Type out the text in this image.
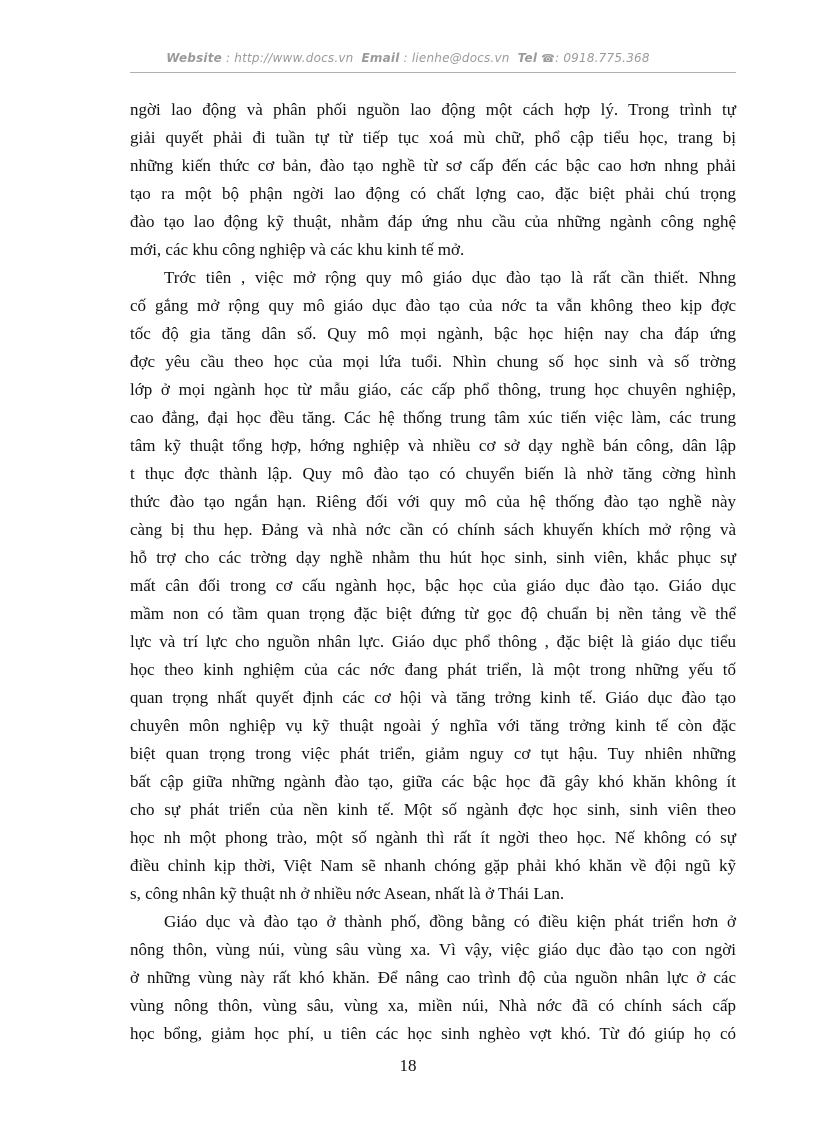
Website : http://www.docs.vn Email : lienhe@docs.vn Tel ☎: 0918.775.368
ngời lao động và phân phối nguồn lao động một cách hợp lý. Trong trình tự
giải quyết phải đi tuần tự từ tiếp tục xoá mù chữ, phổ cập tiểu học, trang bị
những kiến thức cơ bản, đào tạo nghề từ sơ cấp đến các bậc cao hơn nhng phải
tạo ra một bộ phận ngời lao động có chất lợng cao, đặc biệt phải chú trọng
đào tạo lao động kỹ thuật, nhằm đáp ứng nhu cầu của những ngành công nghệ
mới, các khu công nghiệp và các khu kinh tế mở.
Trớc tiên , việc mở rộng quy mô giáo dục đào tạo là rất cần thiết. Nhng
cố gắng mở rộng quy mô giáo dục đào tạo của nớc ta vẫn không theo kịp đợc
tốc độ gia tăng dân số. Quy mô mọi ngành, bậc học hiện nay cha đáp ứng
đợc yêu cầu theo học của mọi lứa tuổi. Nhìn chung số học sinh và số trờng
lớp ở mọi ngành học từ mẫu giáo, các cấp phổ thông, trung học chuyên nghiệp,
cao đẳng, đại học đều tăng. Các hệ thống trung tâm xúc tiến việc làm, các trung
tâm kỹ thuật tổng hợp, hớng nghiệp và nhiều cơ sở dạy nghề bán công, dân lập
t thục đợc thành lập. Quy mô đào tạo có chuyển biến là nhờ tăng cờng hình
thức đào tạo ngắn hạn. Riêng đối với quy mô của hệ thống đào tạo nghề này
càng bị thu hẹp. Đảng và nhà nớc cần có chính sách khuyến khích mở rộng và
hỗ trợ cho các trờng dạy nghề nhằm thu hút học sinh, sinh viên, khắc phục sự
mất cân đối trong cơ cấu ngành học, bậc học của giáo dục đào tạo. Giáo dục
mầm non có tầm quan trọng đặc biệt đứng từ gọc độ chuẩn bị nền tảng về thể
lực và trí lực cho nguồn nhân lực. Giáo dục phổ thông , đặc biệt là giáo dục tiểu
học theo kinh nghiệm của các nớc đang phát triển, là một trong những yếu tố
quan trọng nhất quyết định các cơ hội và tăng trởng kinh tế. Giáo dục đào tạo
chuyên môn nghiệp vụ kỹ thuật ngoài ý nghĩa với tăng trởng kinh tế còn đặc
biệt quan trọng trong việc phát triển, giảm nguy cơ tụt hậu. Tuy nhiên những
bất cập giữa những ngành đào tạo, giữa các bậc học đã gây khó khăn không ít
cho sự phát triển của nền kinh tế. Một số ngành đợc học sinh, sinh viên theo
học nh một phong trào, một số ngành thì rất ít ngời theo học. Nế không có sự
điều chỉnh kịp thời, Việt Nam sẽ nhanh chóng gặp phải khó khăn về đội ngũ kỹ
s, công nhân kỹ thuật nh ở nhiều nớc Asean, nhất là ở Thái Lan.
Giáo dục và đào tạo ở thành phố, đồng bằng có điều kiện phát triển hơn ở
nông thôn, vùng núi, vùng sâu vùng xa. Vì vậy, việc giáo dục đào tạo con ngời
ở những vùng này rất khó khăn. Để nâng cao trình độ của nguồn nhân lực ở các
vùng nông thôn, vùng sâu, vùng xa, miền núi, Nhà nớc đã có chính sách cấp
học bổng, giảm học phí, u tiên các học sinh nghèo vợt khó. Từ đó giúp họ có
18
